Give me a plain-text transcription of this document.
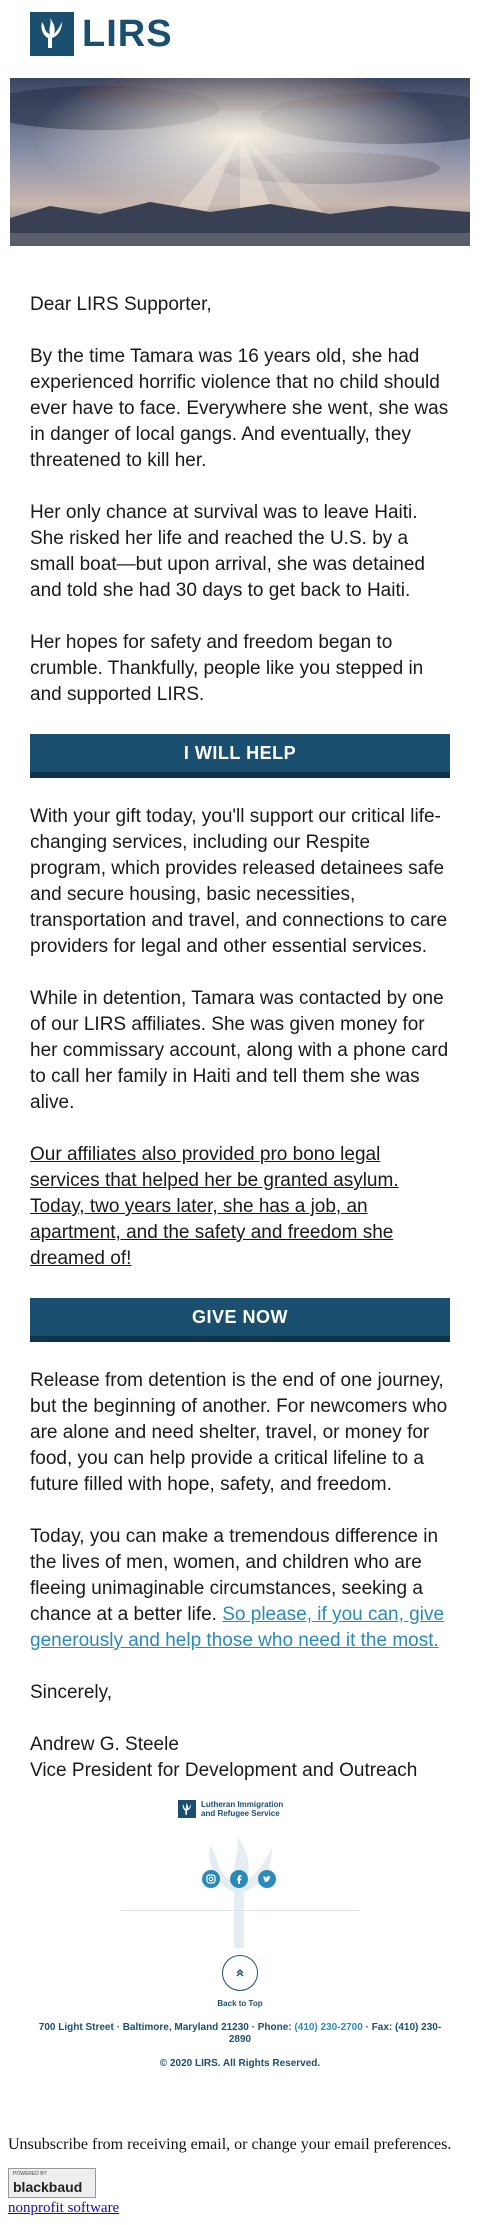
LIRS

Dear LIRS Supporter,

By the time Tamara was 16 years old, she had experienced horrific violence that no child should ever have to face. Everywhere she went, she was in danger of local gangs. And eventually, they threatened to kill her.

Her only chance at survival was to leave Haiti. She risked her life and reached the U.S. by a small boat—but upon arrival, she was detained and told she had 30 days to get back to Haiti.

Her hopes for safety and freedom began to crumble. Thankfully, people like you stepped in and supported LIRS.

I WILL HELP

With your gift today, you'll support our critical life-changing services, including our Respite program, which provides released detainees safe and secure housing, basic necessities, transportation and travel, and connections to care providers for legal and other essential services.

While in detention, Tamara was contacted by one of our LIRS affiliates. She was given money for her commissary account, along with a phone card to call her family in Haiti and tell them she was alive.

Our affiliates also provided pro bono legal services that helped her be granted asylum. Today, two years later, she has a job, an apartment, and the safety and freedom she dreamed of!

GIVE NOW

Release from detention is the end of one journey, but the beginning of another. For newcomers who are alone and need shelter, travel, or money for food, you can help provide a critical lifeline to a future filled with hope, safety, and freedom.

Today, you can make a tremendous difference in the lives of men, women, and children who are fleeing unimaginable circumstances, seeking a chance at a better life. So please, if you can, give generously and help those who need it the most.

Sincerely,

Andrew G. Steele

Vice President for Development and Outreach

Lutheran Immigration
and Refugee Service
Back to Top
700 Light Street · Baltimore, Maryland 21230 · Phone: (410) 230-2700 · Fax: (410) 230-2890
© 2020 LIRS. All Rights Reserved.
Unsubscribe from receiving email, or change your email preferences.
POWERED BY
blackbaud
nonprofit software
